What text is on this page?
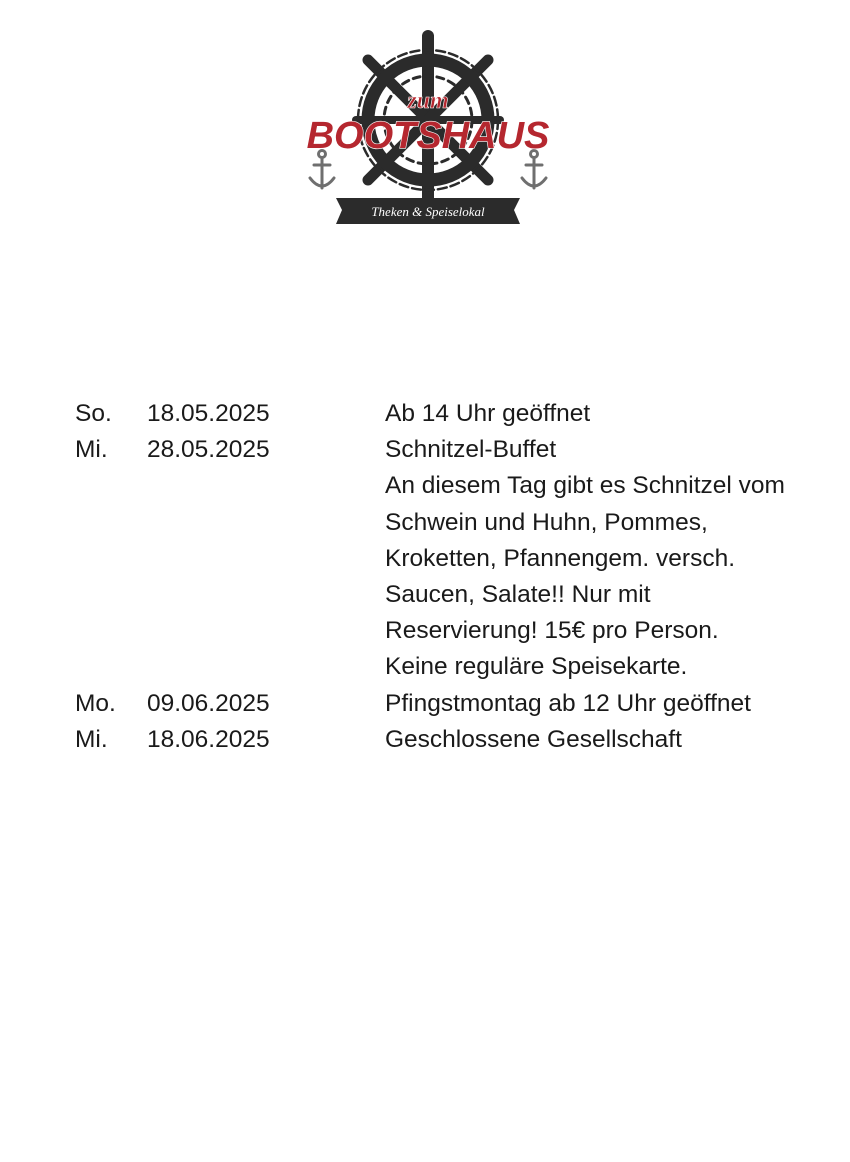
zum
BOOTSHAUS
Theken & Speiselokal
So.	18.05.2025	Ab 14 Uhr geöffnet
Mi.	28.05.2025	Schnitzel-Buffet
An diesem Tag gibt es Schnitzel vom
Schwein und Huhn, Pommes,
Kroketten, Pfannengem. versch.
Saucen, Salate!! Nur mit
Reservierung! 15€ pro Person.
Keine reguläre Speisekarte.
Mo.	09.06.2025	Pfingstmontag ab 12 Uhr geöffnet
Mi.	18.06.2025	Geschlossene Gesellschaft
